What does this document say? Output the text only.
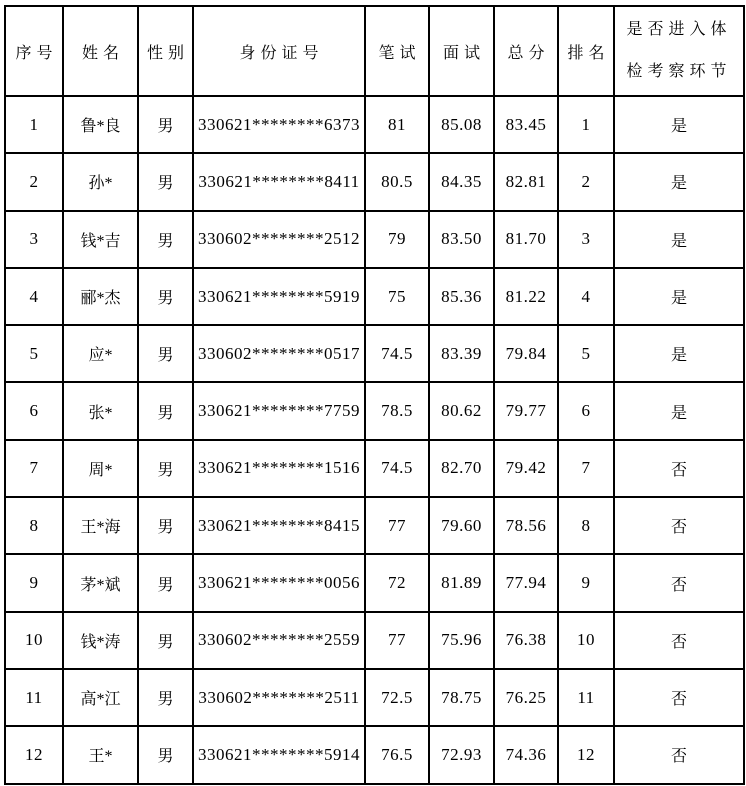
序号	姓名	性别	身份证号	笔试	面试	总分	排名	是否进入体检考察环节

1	鲁*良	男	330621********6373	81	85.08	83.45	1	是
2	孙*	男	330621********8411	80.5	84.35	82.81	2	是
3	钱*吉	男	330602********2512	79	83.50	81.70	3	是
4	郦*杰	男	330621********5919	75	85.36	81.22	4	是
5	应*	男	330602********0517	74.5	83.39	79.84	5	是
6	张*	男	330621********7759	78.5	80.62	79.77	6	是
7	周*	男	330621********1516	74.5	82.70	79.42	7	否
8	王*海	男	330621********8415	77	79.60	78.56	8	否
9	茅*斌	男	330621********0056	72	81.89	77.94	9	否
10	钱*涛	男	330602********2559	77	75.96	76.38	10	否
11	高*江	男	330602********2511	72.5	78.75	76.25	11	否
12	王*	男	330621********5914	76.5	72.93	74.36	12	否
